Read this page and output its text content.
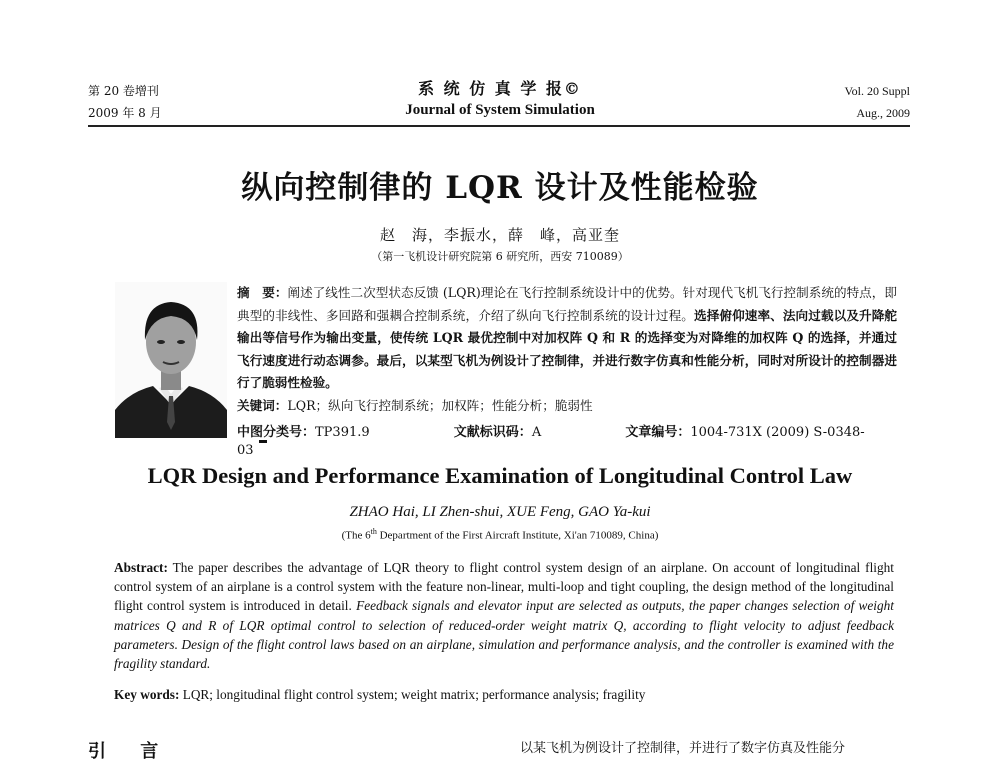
第 20 卷增刊
2009 年 8 月
系 统 仿 真 学 报©
Journal of System Simulation
Vol. 20 Suppl
Aug., 2009
纵向控制律的 LQR 设计及性能检验
赵　海，李振水，薛　峰，高亚奎
（第一飞机设计研究院第 6 研究所，西安 710089）
摘　要：阐述了线性二次型状态反馈 (LQR)理论在飞行控制系统设计中的优势。针对现代飞机飞行控制系统的特点，即典型的非线性、多回路和强耦合控制系统，介绍了纵向飞行控制系统的设计过程。选择俯仰速率、法向过载以及升降舵输出等信号作为输出变量，使传统 LQR 最优控制中对加权阵 Q 和 R 的选择变为对降维的加权阵 Q 的选择，并通过飞行速度进行动态调参。最后，以某型飞机为例设计了控制律，并进行数字仿真和性能分析，同时对所设计的控制器进行了脆弱性检验。
关键词：LQR；纵向飞行控制系统；加权阵；性能分析；脆弱性
中图分类号：TP391.9	文献标识码：A	文章编号：1004-731X (2009) S-0348-03
LQR Design and Performance Examination of Longitudinal Control Law
ZHAO Hai, LI Zhen-shui, XUE Feng, GAO Ya-kui
(The 6th Department of the First Aircraft Institute, Xi'an 710089, China)
Abstract: The paper describes the advantage of LQR theory to flight control system design of an airplane. On account of longitudinal flight control system of an airplane is a control system with the feature non-linear, multi-loop and tight coupling, the design method of the longitudinal flight control system is introduced in detail. Feedback signals and elevator input are selected as outputs, the paper changes selection of weight matrices Q and R of LQR optimal control to selection of reduced-order weight matrix Q, according to flight velocity to adjust feedback parameters. Design of the flight control laws based on an airplane, simulation and performance analysis, and the controller is examined with the fragility standard.
Key words: LQR; longitudinal flight control system; weight matrix; performance analysis; fragility
引 言	以某飞机为例设计了控制律，并进行了数字仿真及性能分
